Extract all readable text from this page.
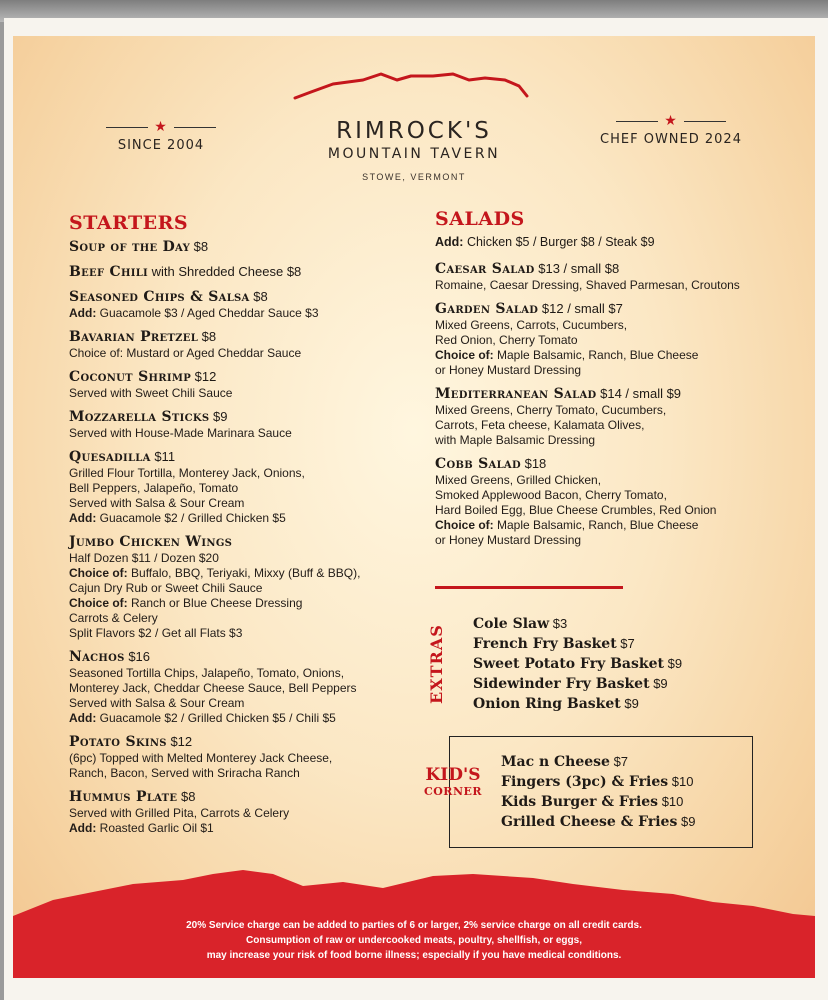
★
SINCE 2004
RIMROCK'S
MOUNTAIN TAVERN
STOWE, VERMONT
★
CHEF OWNED 2024
STARTERS
Soup of the Day $8
Beef Chili with Shredded Cheese $8
Seasoned Chips & Salsa $8
Add: Guacamole $3 / Aged Cheddar Sauce $3
Bavarian Pretzel $8
Choice of: Mustard or Aged Cheddar Sauce
Coconut Shrimp $12
Served with Sweet Chili Sauce
Mozzarella Sticks $9
Served with House-Made Marinara Sauce
Quesadilla $11
Grilled Flour Tortilla, Monterey Jack, Onions,
Bell Peppers, Jalapeño, Tomato
Served with Salsa & Sour Cream
Add: Guacamole $2 / Grilled Chicken $5
Jumbo Chicken Wings
Half Dozen $11 / Dozen $20
Choice of: Buffalo, BBQ, Teriyaki, Mixxy (Buff & BBQ),
Cajun Dry Rub or Sweet Chili Sauce
Choice of: Ranch or Blue Cheese Dressing
Carrots & Celery
Split Flavors $2 / Get all Flats $3
Nachos $16
Seasoned Tortilla Chips, Jalapeño, Tomato, Onions,
Monterey Jack, Cheddar Cheese Sauce, Bell Peppers
Served with Salsa & Sour Cream
Add: Guacamole $2 / Grilled Chicken $5 / Chili $5
Potato Skins $12
(6pc) Topped with Melted Monterey Jack Cheese,
Ranch, Bacon, Served with Sriracha Ranch
Hummus Plate $8
Served with Grilled Pita, Carrots & Celery
Add: Roasted Garlic Oil $1
SALADS
Add: Chicken $5 / Burger $8 / Steak $9
Caesar Salad $13 / small $8
Romaine, Caesar Dressing, Shaved Parmesan, Croutons
Garden Salad $12 / small $7
Mixed Greens, Carrots, Cucumbers,
Red Onion, Cherry Tomato
Choice of: Maple Balsamic, Ranch, Blue Cheese
or Honey Mustard Dressing
Mediterranean Salad $14 / small $9
Mixed Greens, Cherry Tomato, Cucumbers,
Carrots, Feta cheese, Kalamata Olives,
with Maple Balsamic Dressing
Cobb Salad $18
Mixed Greens, Grilled Chicken,
Smoked Applewood Bacon, Cherry Tomato,
Hard Boiled Egg, Blue Cheese Crumbles, Red Onion
Choice of: Maple Balsamic, Ranch, Blue Cheese
or Honey Mustard Dressing
EXTRAS
Cole Slaw $3
French Fry Basket $7
Sweet Potato Fry Basket $9
Sidewinder Fry Basket $9
Onion Ring Basket $9
KID'S
CORNER
Mac n Cheese $7
Fingers (3pc) & Fries $10
Kids Burger & Fries $10
Grilled Cheese & Fries $9
20% Service charge can be added to parties of 6 or larger, 2% service charge on all credit cards.
Consumption of raw or undercooked meats, poultry, shellfish, or eggs,
may increase your risk of food borne illness; especially if you have medical conditions.
